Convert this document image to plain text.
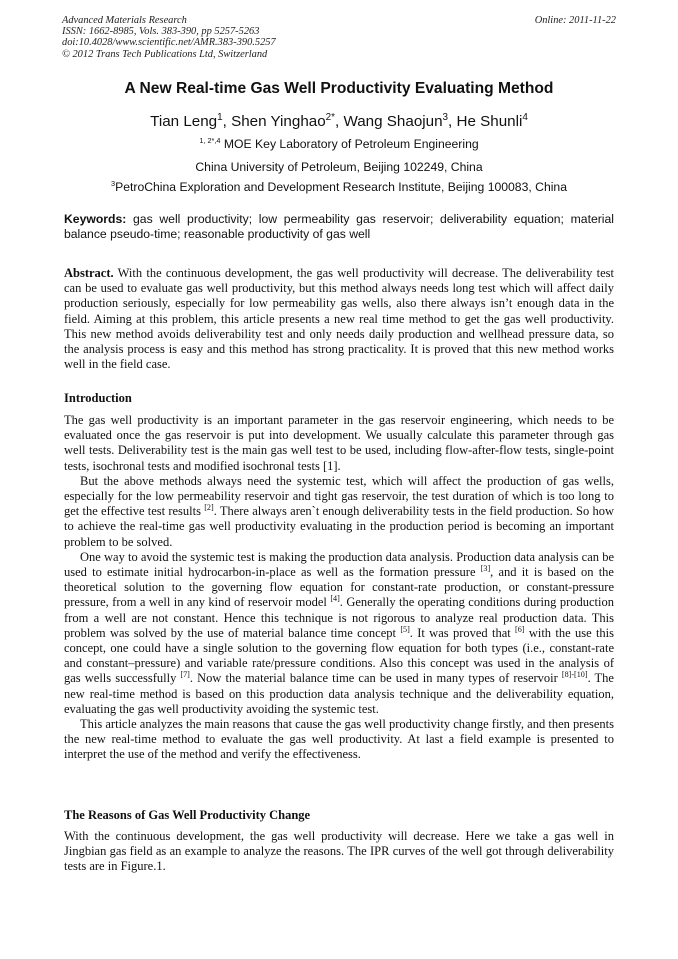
Advanced Materials Research
ISSN: 1662-8985, Vols. 383-390, pp 5257-5263
doi:10.4028/www.scientific.net/AMR.383-390.5257
© 2012 Trans Tech Publications Ltd, Switzerland
Online: 2011-11-22
A New Real-time Gas Well Productivity Evaluating Method
Tian Leng$^1$, Shen Yinghao$^{2*}$, Wang Shaojun$^3$, He Shunli$^4$
$^{1, 2*,4}$ MOE Key Laboratory of Petroleum Engineering
China University of Petroleum, Beijing 102249, China
$^3$PetroChina Exploration and Development Research Institute, Beijing 100083, China
Keywords: gas well productivity; low permeability gas reservoir; deliverability equation; material balance pseudo-time; reasonable productivity of gas well
Abstract. With the continuous development, the gas well productivity will decrease. The deliverability test can be used to evaluate gas well productivity, but this method always needs long test which will affect daily production seriously, especially for low permeability gas wells, also there always isn’t enough data in the field. Aiming at this problem, this article presents a new real time method to get the gas well productivity. This new method avoids deliverability test and only needs daily production and wellhead pressure data, so the analysis process is easy and this method has strong practicality. It is proved that this new method works well in the field case.
Introduction

The gas well productivity is an important parameter in the gas reservoir engineering, which needs to be evaluated once the gas reservoir is put into development. We usually calculate this parameter through gas well tests. Deliverability test is the main gas well test to be used, including flow-after-flow tests, single-point tests, isochronal tests and modified isochronal tests [1].

But the above methods always need the systemic test, which will affect the production of gas wells, especially for the low permeability reservoir and tight gas reservoir, the test duration of which is too long to get the effective test results [2]. There always aren`t enough deliverability tests in the field production. So how to achieve the real-time gas well productivity evaluating in the production period is becoming an important problem to be solved.

One way to avoid the systemic test is making the production data analysis. Production data analysis can be used to estimate initial hydrocarbon-in-place as well as the formation pressure [3], and it is based on the theoretical solution to the governing flow equation for constant-rate production, or constant-pressure pressure, from a well in any kind of reservoir model [4]. Generally the operating conditions during production from a well are not constant. Hence this technique is not rigorous to analyze real production data. This problem was solved by the use of material balance time concept [5]. It was proved that [6] with the use this concept, one could have a single solution to the governing flow equation for both types (i.e., constant-rate and constant–pressure) and variable rate/pressure conditions. Also this concept was used in the analysis of gas wells successfully [7]. Now the material balance time can be used in many types of reservoir [8]-[10]. The new real-time method is based on this production data analysis technique and the deliverability equation, evaluating the gas well productivity avoiding the systemic test.

This article analyzes the main reasons that cause the gas well productivity change firstly, and then presents the new real-time method to evaluate the gas well productivity. At last a field example is presented to interpret the use of the method and verify the effectiveness.

The Reasons of Gas Well Productivity Change

With the continuous development, the gas well productivity will decrease. Here we take a gas well in Jingbian gas field as an example to analyze the reasons. The IPR curves of the well got through deliverability tests are in Figure.1.
